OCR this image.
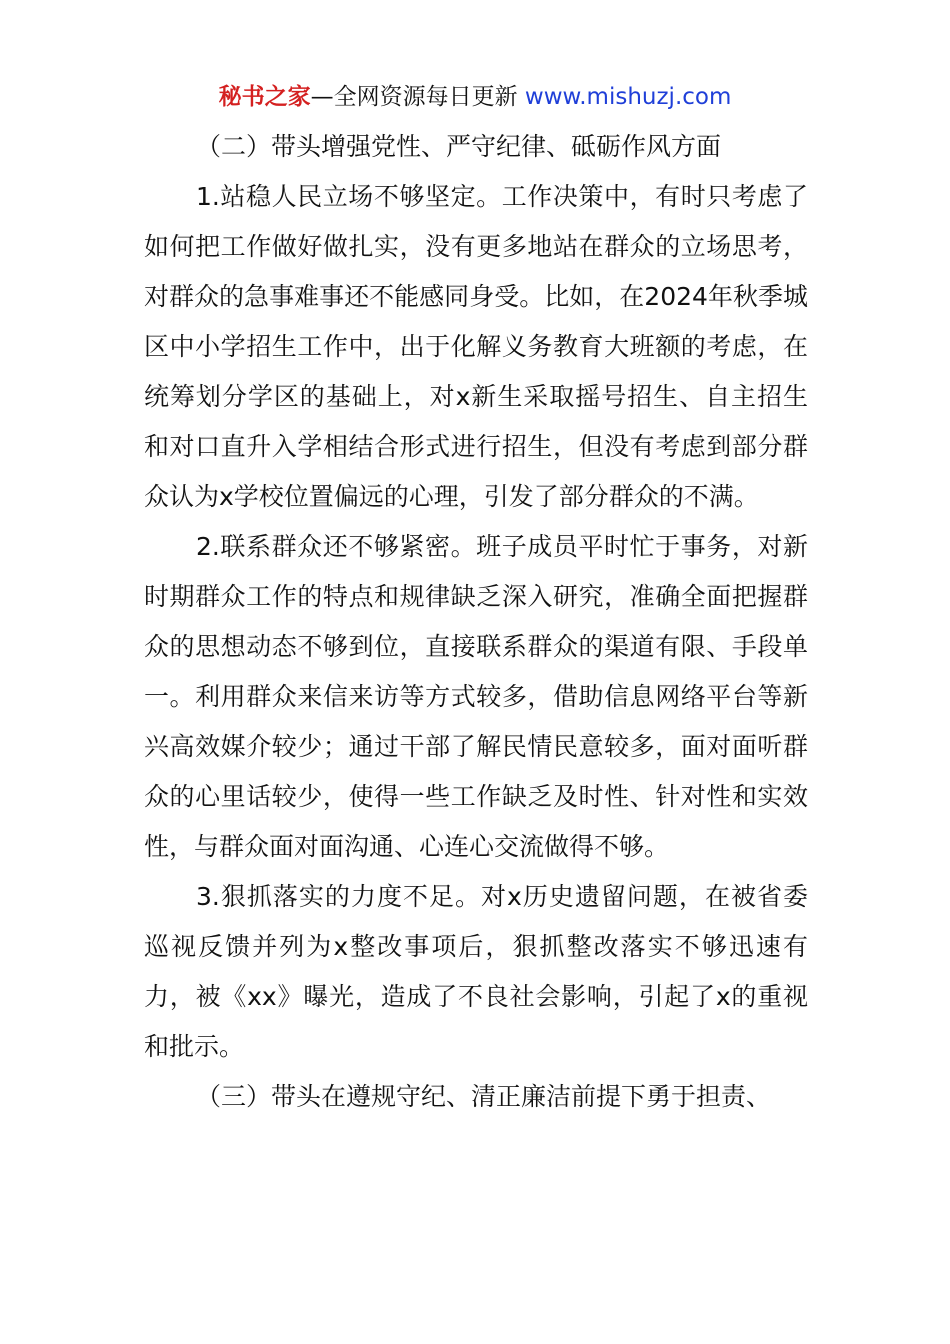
秘书之家—全网资源每日更新 www.mishuzj.com

（二）带头增强党性、严守纪律、砥砺作风方面

1.站稳人民立场不够坚定。工作决策中，有时只考虑了如何把工作做好做扎实，没有更多地站在群众的立场思考，对群众的急事难事还不能感同身受。比如，在2024年秋季城区中小学招生工作中，出于化解义务教育大班额的考虑，在统筹划分学区的基础上，对x新生采取摇号招生、自主招生和对口直升入学相结合形式进行招生，但没有考虑到部分群众认为x学校位置偏远的心理，引发了部分群众的不满。

2.联系群众还不够紧密。班子成员平时忙于事务，对新时期群众工作的特点和规律缺乏深入研究，准确全面把握群众的思想动态不够到位，直接联系群众的渠道有限、手段单一。利用群众来信来访等方式较多，借助信息网络平台等新兴高效媒介较少；通过干部了解民情民意较多，面对面听群众的心里话较少，使得一些工作缺乏及时性、针对性和实效性，与群众面对面沟通、心连心交流做得不够。

3.狠抓落实的力度不足。对x历史遗留问题，在被省委巡视反馈并列为x整改事项后，狠抓整改落实不够迅速有力，被《xx》曝光，造成了不良社会影响，引起了x的重视和批示。

（三）带头在遵规守纪、清正廉洁前提下勇于担责、
